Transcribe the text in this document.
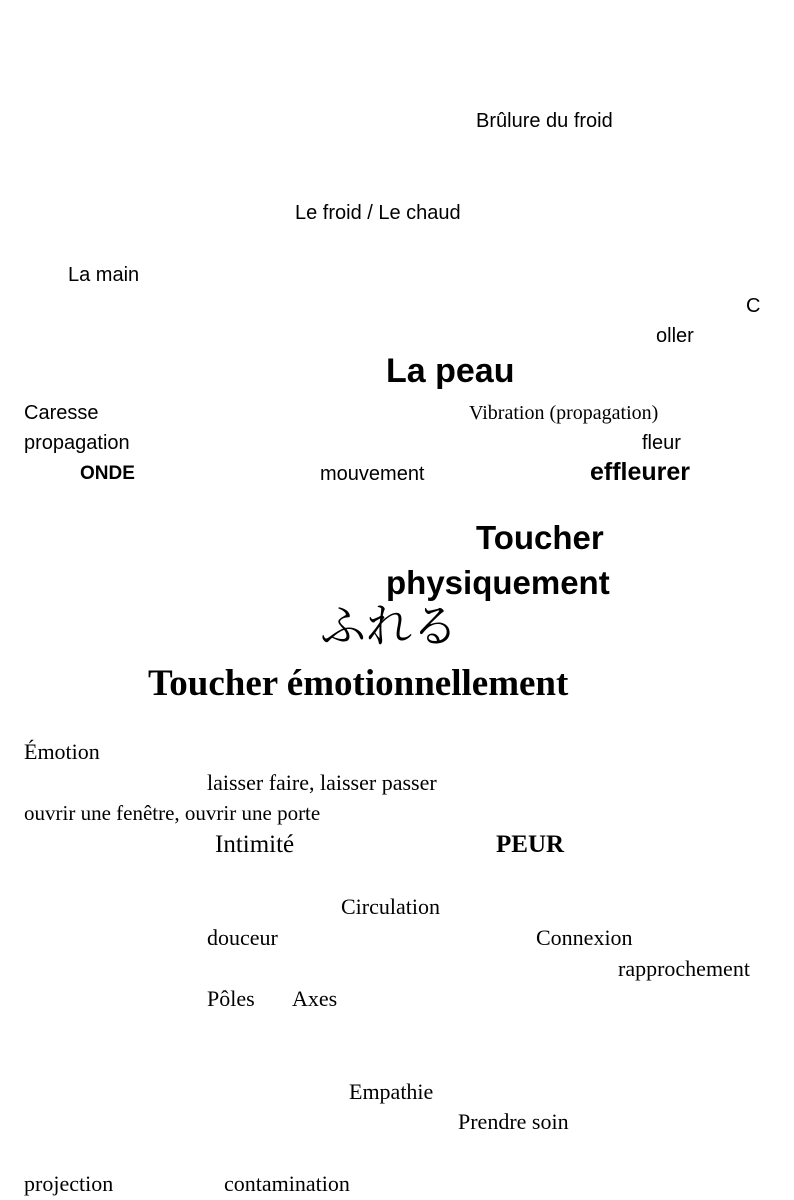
Brûlure du froid

Le froid / Le chaud

La main

C

oller

La peau

Caresse	Vibration (propagation)

propagation	fleur

ONDE	mouvement	effleurer

Toucher

physiquement

ふれる

Toucher émotionnellement

Émotion

laisser faire, laisser passer

ouvrir une fenêtre, ouvrir une porte

Intimité	PEUR

Circulation

douceur	Connexion

rapprochement

Pôles Axes

Empathie

Prendre soin

projection	contamination
